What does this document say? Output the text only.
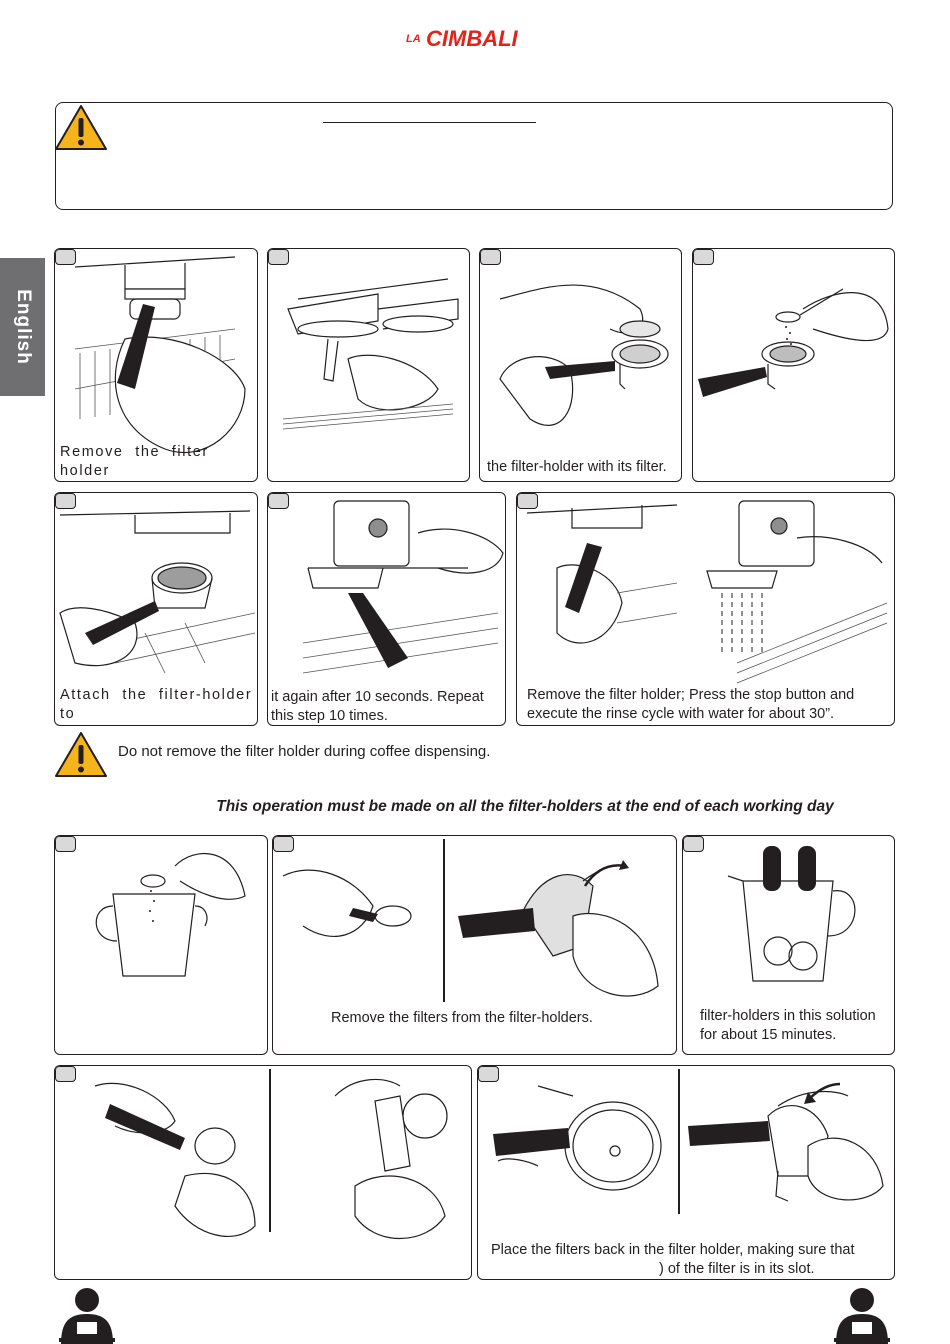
LA CIMBALI
English
Remove the filter holder	the filter-holder with its filter.
Attach the filter-holder to
it again after 10 seconds. Repeat
this step 10 times.
Remove the filter holder; Press the stop button and
execute the rinse cycle with water for about 30”.
Do not remove the filter holder during coffee dispensing.
This operation must be made on all the filter-holders at the end of each working day
Remove the filters from the filter-holders.	filter-holders in this solution
for about 15 minutes.
Place the filters back in the filter holder, making sure that
) of the filter is in its slot.
